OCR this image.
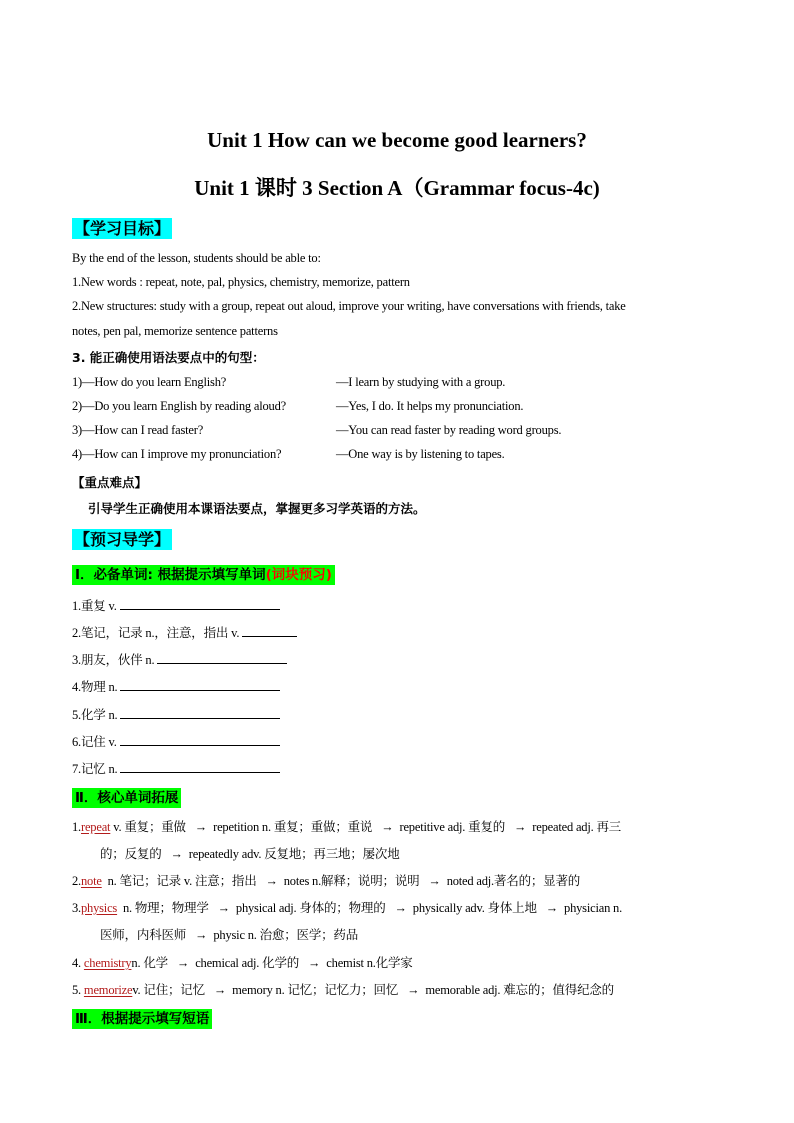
Unit 1 How can we become good learners?
Unit 1 课时 3 Section A（Grammar focus-4c)
【学习目标】
By the end of the lesson, students should be able to:
1.New words : repeat, note, pal, physics, chemistry, memorize, pattern
2.New structures: study with a group, repeat out aloud, improve your writing, have conversations with friends, take
notes, pen pal, memorize sentence patterns
3. 能正确使用语法要点中的句型：
1)—How do you learn English?	—I learn by studying with a group.
2)—Do you learn English by reading aloud?	—Yes, I do. It helps my pronunciation.
3)—How can I read faster?	—You can read faster by reading word groups.
4)—How can I improve my pronunciation?	—One way is by listening to tapes.
【重点难点】
引导学生正确使用本课语法要点，掌握更多习学英语的方法。
【预习导学】
Ⅰ．必备单词: 根据提示填写单词(词块预习)
1.重复 v.
2.笔记，记录 n.，注意，指出 v.
3.朋友，伙伴 n.
4.物理 n.
5.化学 n.
6.记住 v.
7.记忆 n.
Ⅱ．核心单词拓展
1.repeat v. 重复；重做 → repetition n. 重复；重做；重说 → repetitive adj. 重复的 → repeated adj. 再三
的；反复的 → repeatedly adv. 反复地；再三地；屡次地
2.note n. 笔记；记录 v. 注意；指出 → notes n.解释；说明；说明 → noted adj.著名的；显著的
3.physics n. 物理；物理学 → physical adj. 身体的；物理的 → physically adv. 身体上地 → physician n.
医师，内科医师 → physic n. 治愈；医学；药品
4. chemistryn. 化学 → chemical adj. 化学的 → chemist n.化学家
5. memorizev. 记住；记忆 → memory n. 记忆；记忆力；回忆 → memorable adj. 难忘的；值得纪念的
Ⅲ．根据提示填写短语
